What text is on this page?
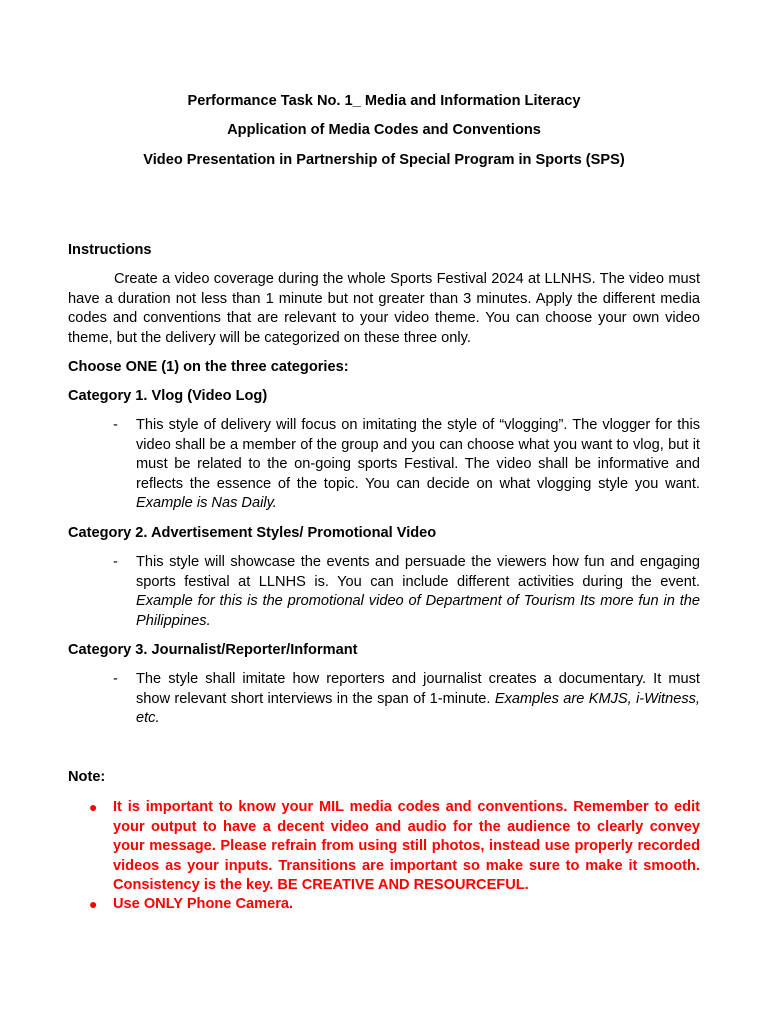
Performance Task No. 1_ Media and Information Literacy
Application of Media Codes and Conventions
Video Presentation in Partnership of Special Program in Sports (SPS)
Instructions
Create a video coverage during the whole Sports Festival 2024 at LLNHS. The video must have a duration not less than 1 minute but not greater than 3 minutes. Apply the different media codes and conventions that are relevant to your video theme. You can choose your own video theme, but the delivery will be categorized on these three only.
Choose ONE (1) on the three categories:
Category 1. Vlog (Video Log)
-	This style of delivery will focus on imitating the style of “vlogging”. The vlogger for this video shall be a member of the group and you can choose what you want to vlog, but it must be related to the on-going sports Festival. The video shall be informative and reflects the essence of the topic. You can decide on what vlogging style you want. Example is Nas Daily.
Category 2. Advertisement Styles/ Promotional Video
-	This style will showcase the events and persuade the viewers how fun and engaging sports festival at LLNHS is. You can include different activities during the event. Example for this is the promotional video of Department of Tourism Its more fun in the Philippines.
Category 3. Journalist/Reporter/Informant
-	The style shall imitate how reporters and journalist creates a documentary. It must show relevant short interviews in the span of 1-minute. Examples are KMJS, i-Witness, etc.
Note:
●	It is important to know your MIL media codes and conventions. Remember to edit your output to have a decent video and audio for the audience to clearly convey your message. Please refrain from using still photos, instead use properly recorded videos as your inputs. Transitions are important so make sure to make it smooth. Consistency is the key. BE CREATIVE AND RESOURCEFUL.
●	Use ONLY Phone Camera.
